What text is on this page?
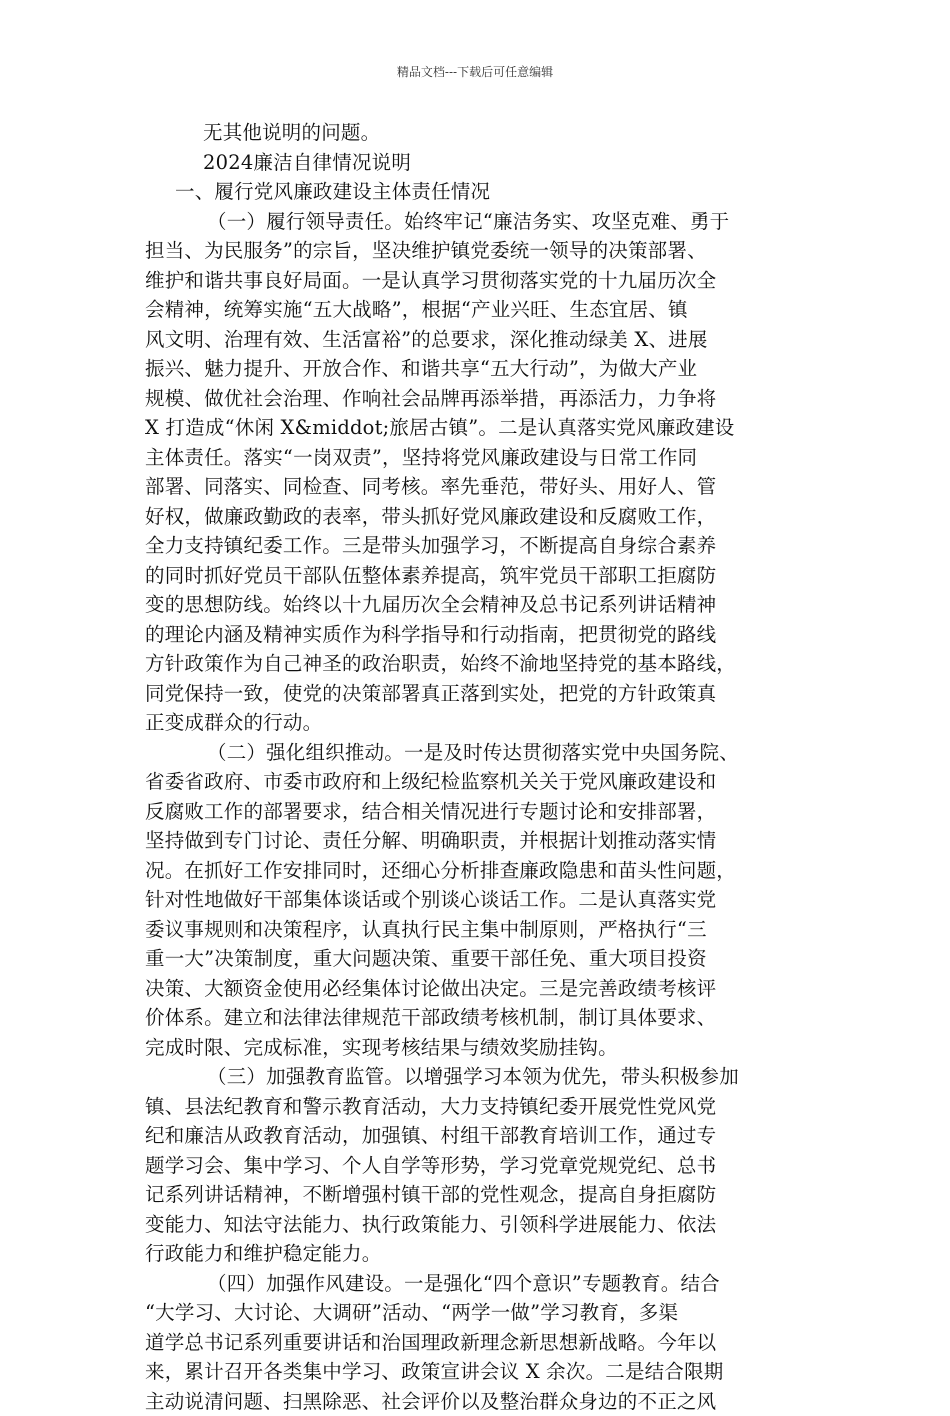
精品文档---下载后可任意编辑
无其他说明的问题。
2024廉洁自律情况说明
一、履行党风廉政建设主体责任情况
（一）履行领导责任。始终牢记“廉洁务实、攻坚克难、勇于
担当、为民服务”的宗旨，坚决维护镇党委统一领导的决策部署、
维护和谐共事良好局面。一是认真学习贯彻落实党的十九届历次全
会精神，统筹实施“五大战略”，根据“产业兴旺、生态宜居、镇
风文明、治理有效、生活富裕”的总要求，深化推动绿美 X、进展
振兴、魅力提升、开放合作、和谐共享“五大行动”，为做大产业
规模、做优社会治理、作响社会品牌再添举措，再添活力，力争将
X 打造成“休闲 X&middot;旅居古镇”。二是认真落实党风廉政建设
主体责任。落实“一岗双责”，坚持将党风廉政建设与日常工作同
部署、同落实、同检查、同考核。率先垂范，带好头、用好人、管
好权，做廉政勤政的表率，带头抓好党风廉政建设和反腐败工作，
全力支持镇纪委工作。三是带头加强学习，不断提高自身综合素养
的同时抓好党员干部队伍整体素养提高，筑牢党员干部职工拒腐防
变的思想防线。始终以十九届历次全会精神及总书记系列讲话精神
的理论内涵及精神实质作为科学指导和行动指南，把贯彻党的路线
方针政策作为自己神圣的政治职责，始终不渝地坚持党的基本路线，
同党保持一致，使党的决策部署真正落到实处，把党的方针政策真
正变成群众的行动。
（二）强化组织推动。一是及时传达贯彻落实党中央国务院、
省委省政府、市委市政府和上级纪检监察机关关于党风廉政建设和
反腐败工作的部署要求，结合相关情况进行专题讨论和安排部署，
坚持做到专门讨论、责任分解、明确职责，并根据计划推动落实情
况。在抓好工作安排同时，还细心分析排查廉政隐患和苗头性问题，
针对性地做好干部集体谈话或个别谈心谈话工作。二是认真落实党
委议事规则和决策程序，认真执行民主集中制原则，严格执行“三
重一大”决策制度，重大问题决策、重要干部任免、重大项目投资
决策、大额资金使用必经集体讨论做出决定。三是完善政绩考核评
价体系。建立和法律法律规范干部政绩考核机制，制订具体要求、
完成时限、完成标准，实现考核结果与绩效奖励挂钩。
（三）加强教育监管。以增强学习本领为优先，带头积极参加
镇、县法纪教育和警示教育活动，大力支持镇纪委开展党性党风党
纪和廉洁从政教育活动，加强镇、村组干部教育培训工作，通过专
题学习会、集中学习、个人自学等形势，学习党章党规党纪、总书
记系列讲话精神，不断增强村镇干部的党性观念，提高自身拒腐防
变能力、知法守法能力、执行政策能力、引领科学进展能力、依法
行政能力和维护稳定能力。
（四）加强作风建设。一是强化“四个意识”专题教育。结合
“大学习、大讨论、大调研”活动、“两学一做”学习教育，多渠
道学总书记系列重要讲话和治国理政新理念新思想新战略。今年以
来，累计召开各类集中学习、政策宣讲会议 X 余次。二是结合限期
主动说清问题、扫黑除恶、社会评价以及整治群众身边的不正之风
